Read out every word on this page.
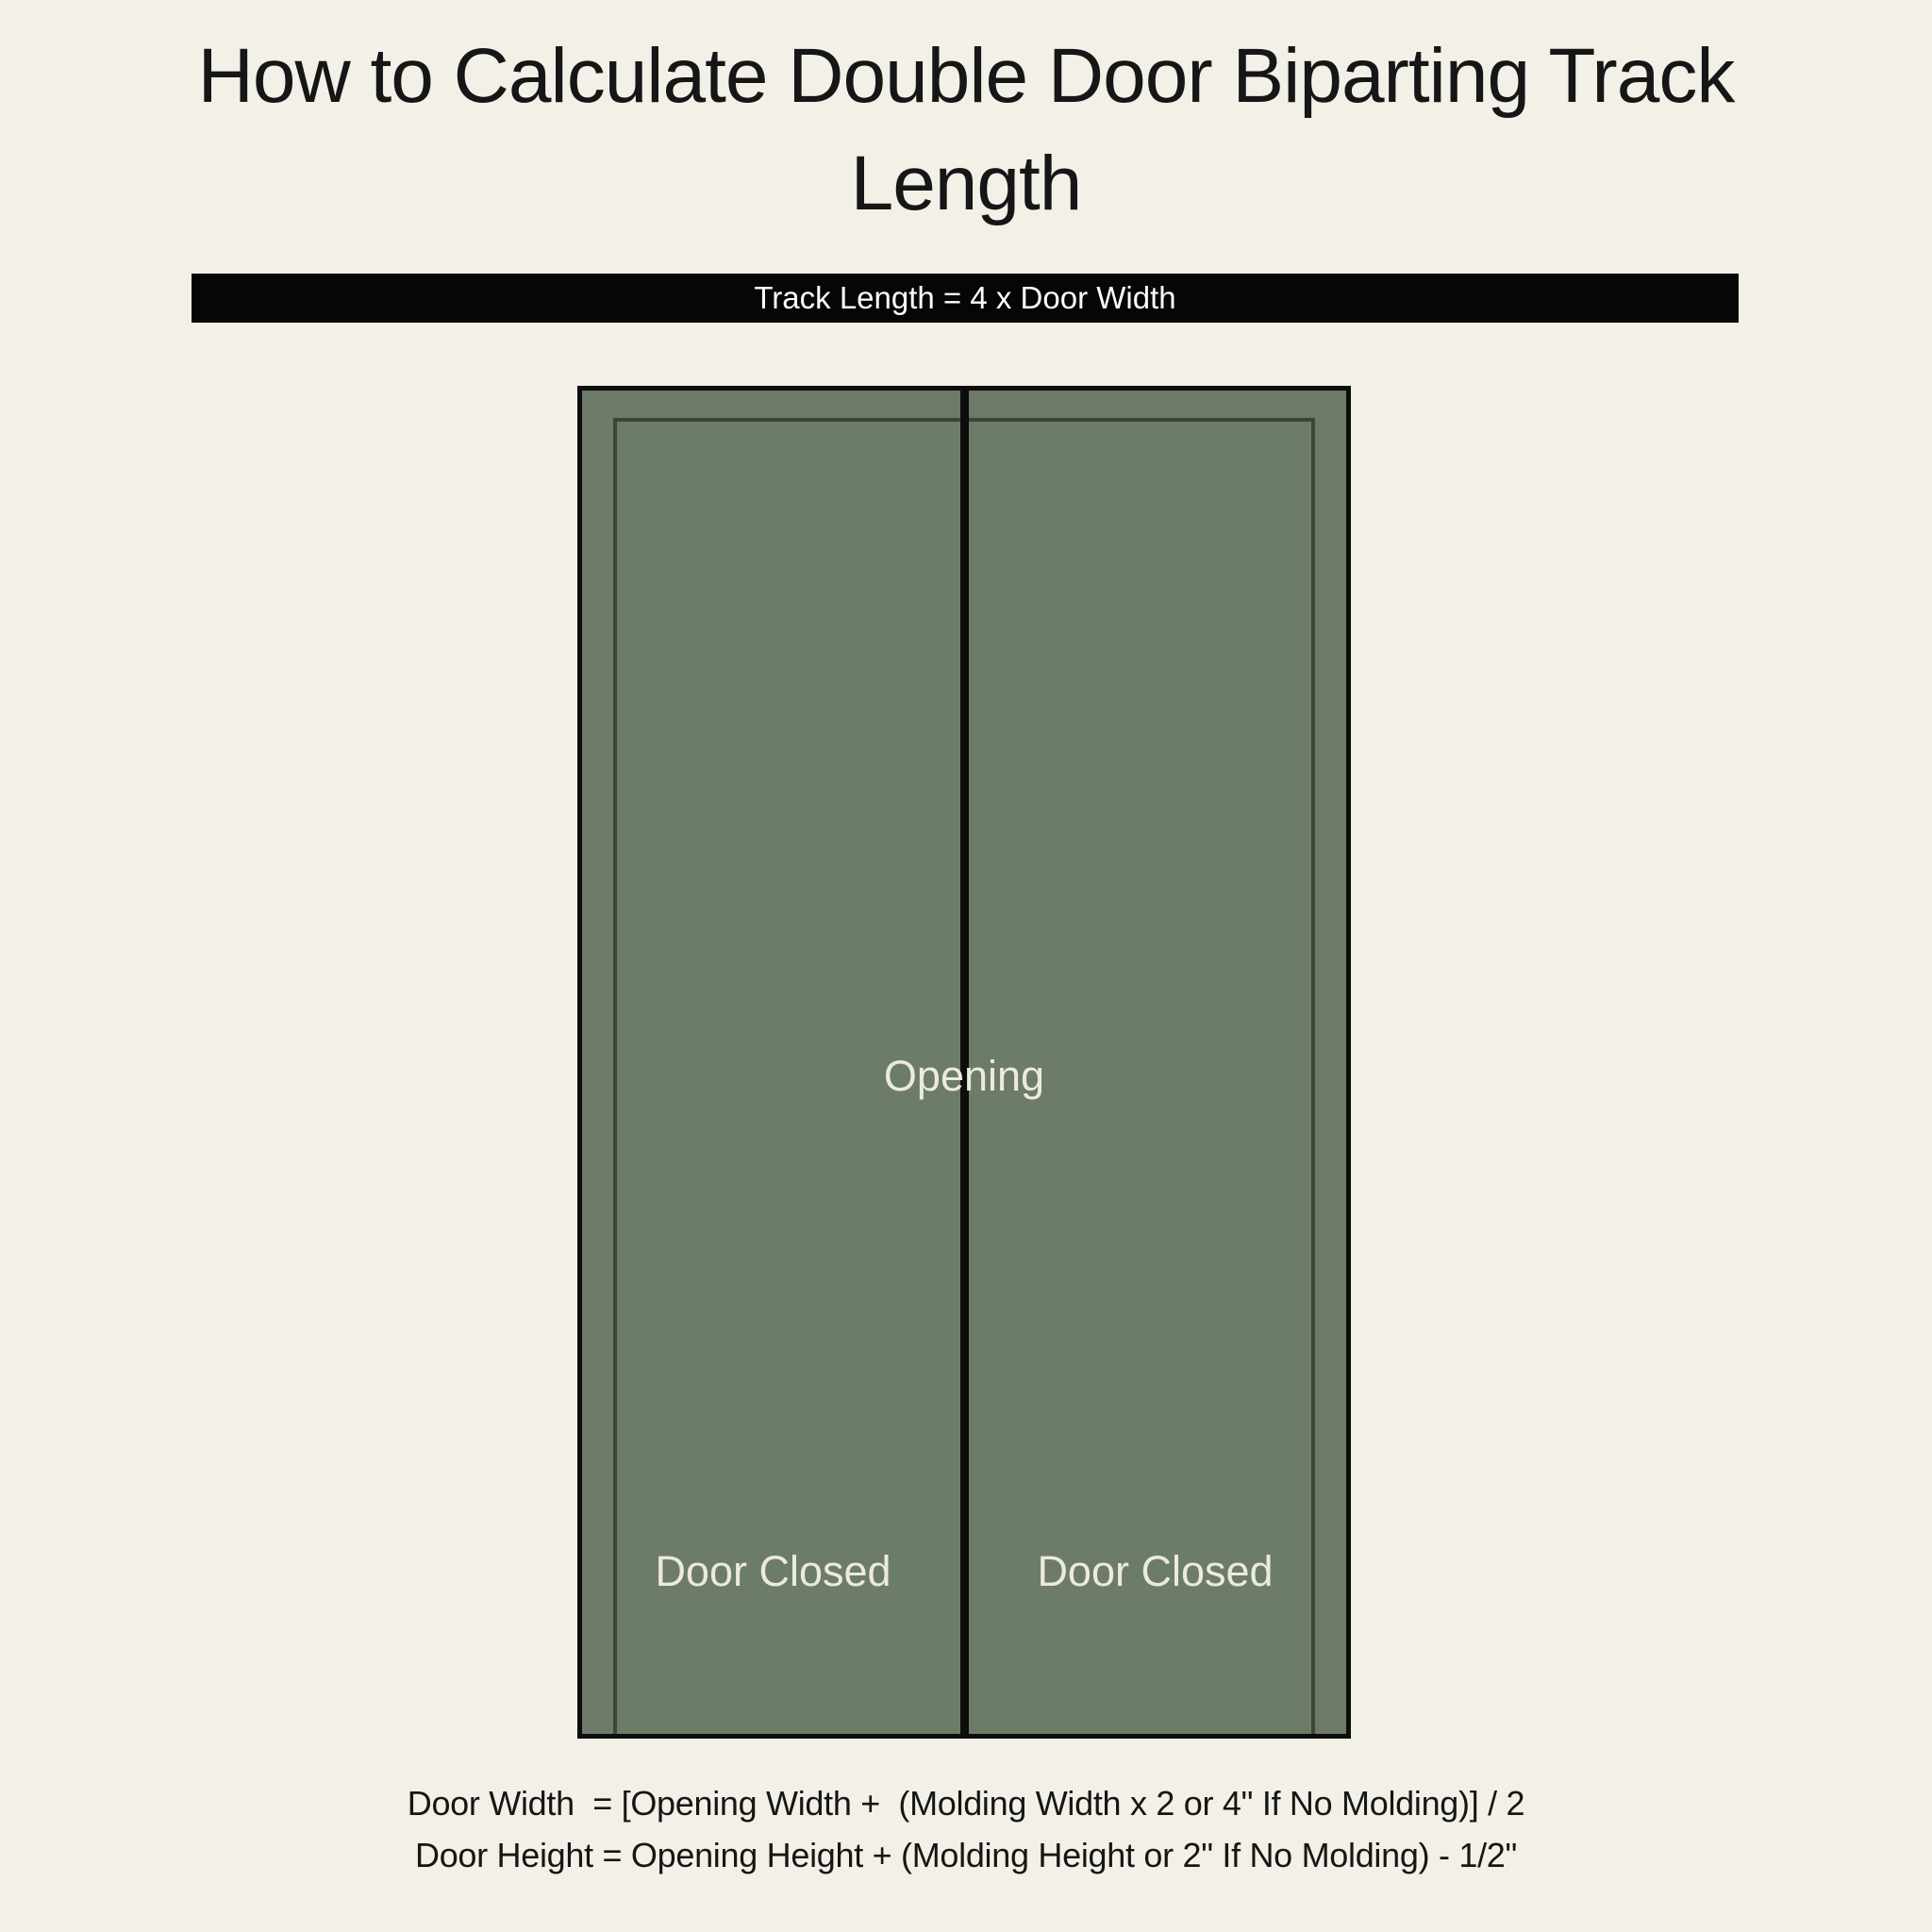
How to Calculate Double Door Biparting Track
Length
Track Length = 4 x Door Width
Opening
Door Closed	Door Closed

Door Width  = [Opening Width +  (Molding Width x 2 or 4" If No Molding)] / 2

Door Height = Opening Height + (Molding Height or 2" If No Molding) - 1/2"
